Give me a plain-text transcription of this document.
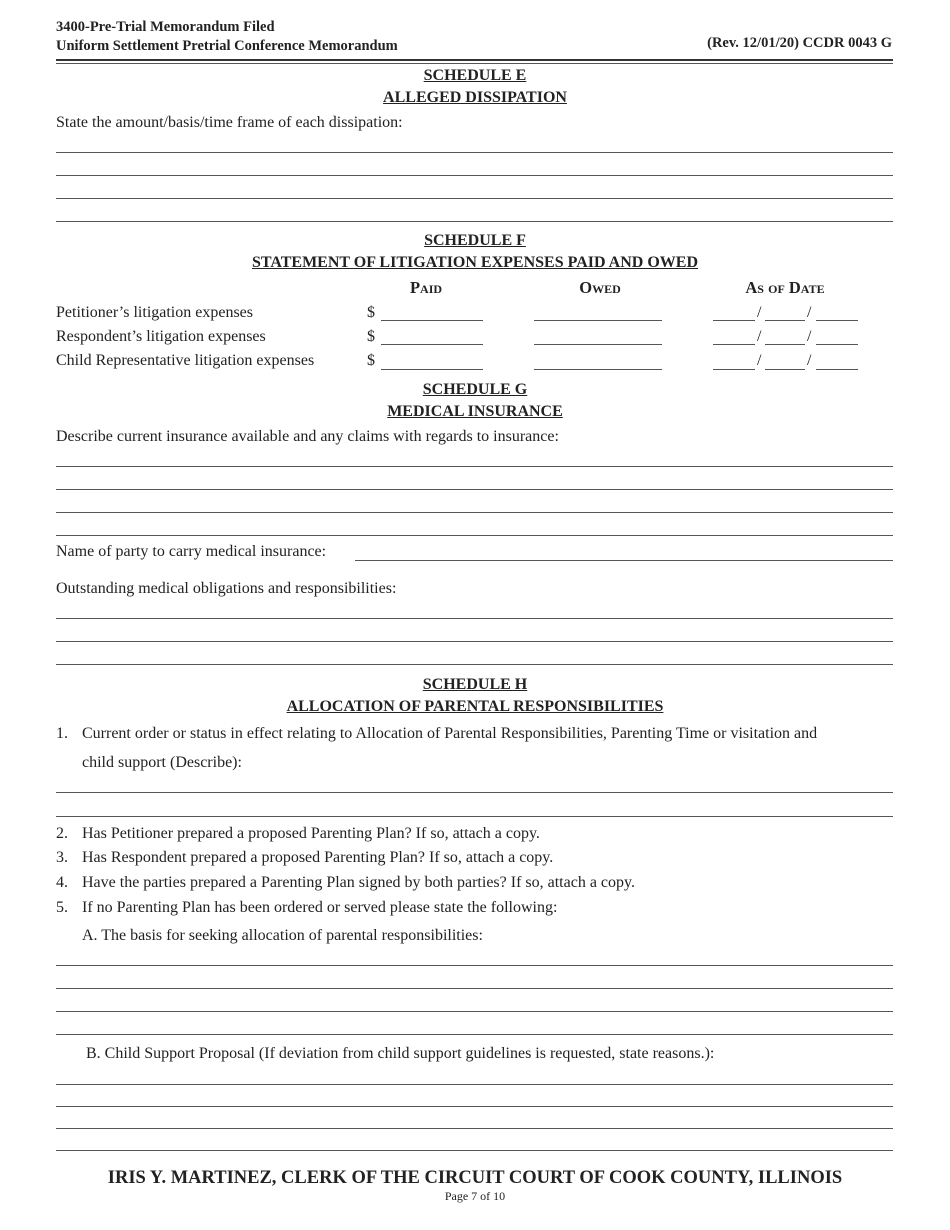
3400-Pre-Trial Memorandum Filed
Uniform Settlement Pretrial Conference Memorandum	(Rev. 12/01/20) CCDR 0043 G
SCHEDULE E
ALLEGED DISSIPATION
State the amount/basis/time frame of each dissipation:
SCHEDULE F
STATEMENT OF LITIGATION EXPENSES PAID AND OWED
Paid	Owed	As of Date
Petitioner’s litigation expenses	$	/	/
Respondent’s litigation expenses	$	/	/
Child Representative litigation expenses	$	/	/
SCHEDULE G
MEDICAL INSURANCE
Describe current insurance available and any claims with regards to insurance:
Name of party to carry medical insurance:
Outstanding medical obligations and responsibilities:
SCHEDULE H
ALLOCATION OF PARENTAL RESPONSIBILITIES
1. Current order or status in effect relating to Allocation of Parental Responsibilities, Parenting Time or visitation and
child support (Describe):
2. Has Petitioner prepared a proposed Parenting Plan? If so, attach a copy.
3. Has Respondent prepared a proposed Parenting Plan? If so, attach a copy.
4. Have the parties prepared a Parenting Plan signed by both parties? If so, attach a copy.
5. If no Parenting Plan has been ordered or served please state the following:
A. The basis for seeking allocation of parental responsibilities:
B. Child Support Proposal (If deviation from child support guidelines is requested, state reasons.):
IRIS Y. MARTINEZ, CLERK OF THE CIRCUIT COURT OF COOK COUNTY, ILLINOIS
Page 7 of 10
